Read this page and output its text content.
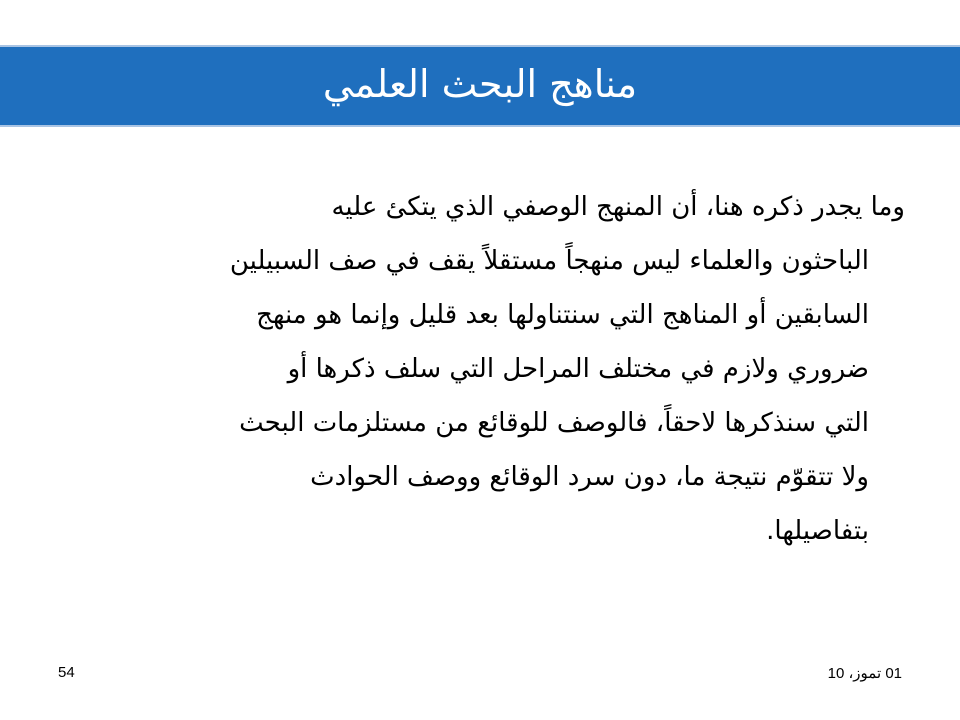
مناهج البحث العلمي
وما يجدر ذكره هنا، أن المنهج الوصفي الذي يتكئ عليه
الباحثون والعلماء ليس منهجاً مستقلاً يقف في صف السبيلين
السابقين أو المناهج التي سنتناولها بعد قليل وإنما هو منهج
ضروري ولازم في مختلف المراحل التي سلف ذكرها أو
التي سنذكرها لاحقاً، فالوصف للوقائع من مستلزمات البحث
ولا تتقوّم نتيجة ما، دون سرد الوقائع ووصف الحوادث
بتفاصيلها.
54	01 تموز، 10
